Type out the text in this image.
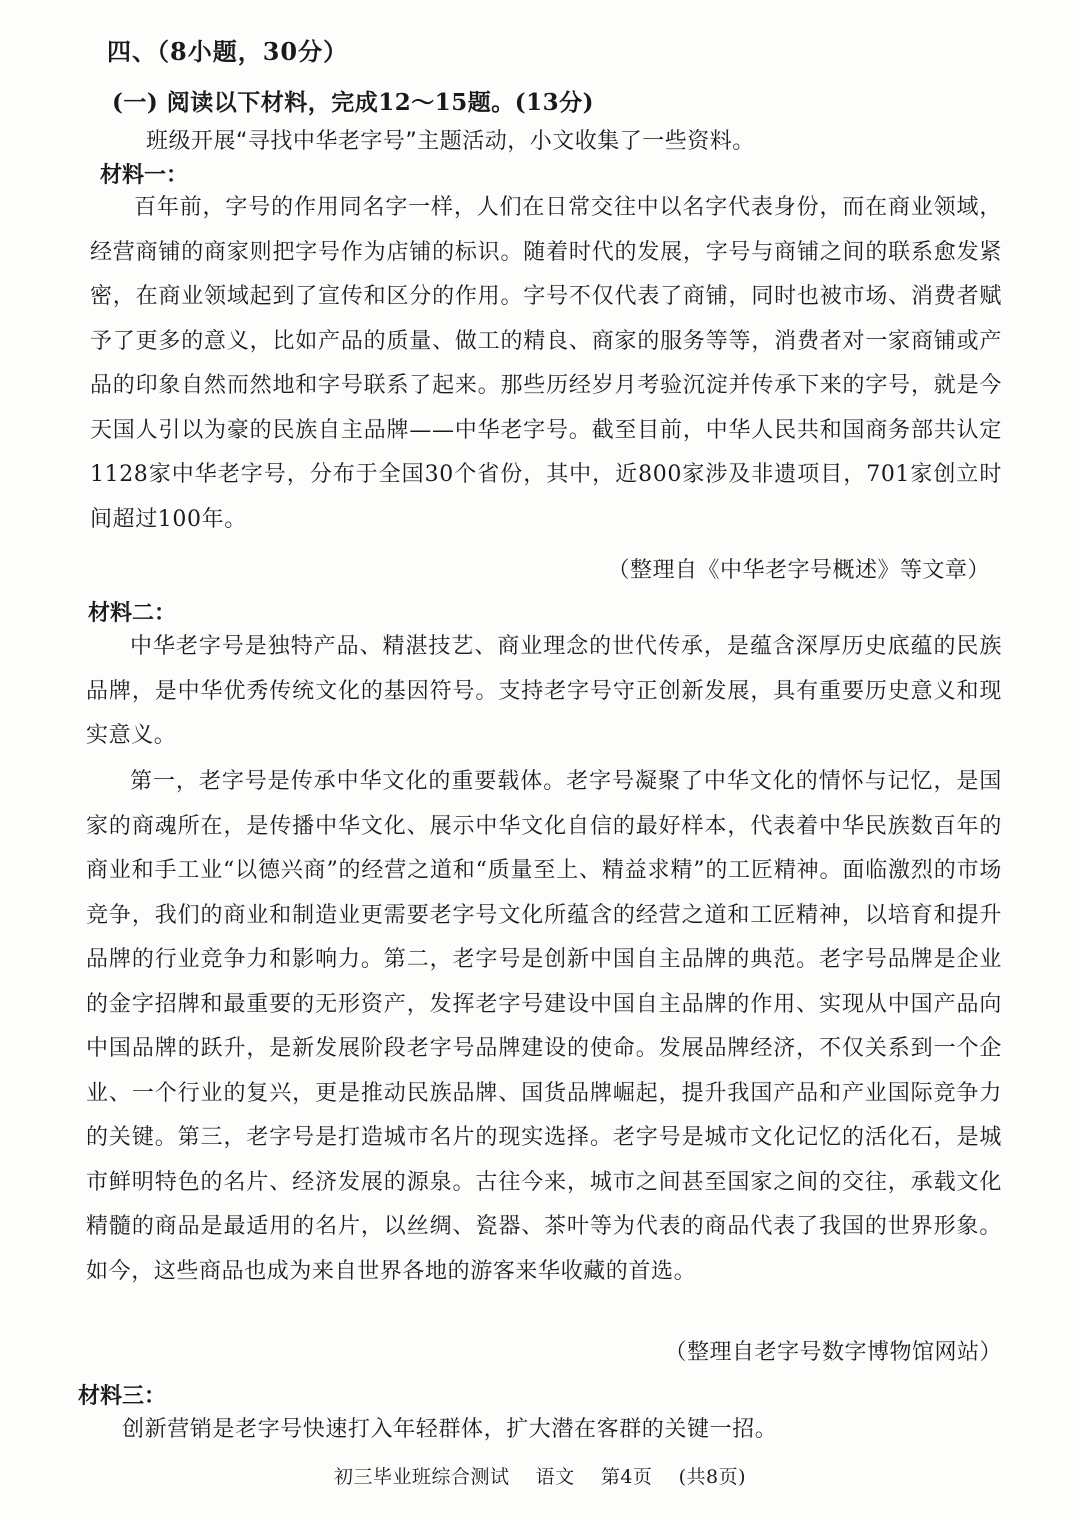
四、（8小题，30分）
(一) 阅读以下材料，完成12～15题。(13分)
班级开展“寻找中华老字号”主题活动，小文收集了一些资料。
材料一：
百年前，字号的作用同名字一样，人们在日常交往中以名字代表身份，而在商业领域，经营商铺的商家则把字号作为店铺的标识。随着时代的发展，字号与商铺之间的联系愈发紧密，在商业领域起到了宣传和区分的作用。字号不仅代表了商铺，同时也被市场、消费者赋予了更多的意义，比如产品的质量、做工的精良、商家的服务等等，消费者对一家商铺或产品的印象自然而然地和字号联系了起来。那些历经岁月考验沉淀并传承下来的字号，就是今天国人引以为豪的民族自主品牌——中华老字号。截至目前，中华人民共和国商务部共认定1128家中华老字号，分布于全国30个省份，其中，近800家涉及非遗项目，701家创立时间超过100年。
（整理自《中华老字号概述》等文章）
材料二：
中华老字号是独特产品、精湛技艺、商业理念的世代传承，是蕴含深厚历史底蕴的民族品牌，是中华优秀传统文化的基因符号。支持老字号守正创新发展，具有重要历史意义和现实意义。
第一，老字号是传承中华文化的重要载体。老字号凝聚了中华文化的情怀与记忆，是国家的商魂所在，是传播中华文化、展示中华文化自信的最好样本，代表着中华民族数百年的商业和手工业“以德兴商”的经营之道和“质量至上、精益求精”的工匠精神。面临激烈的市场竞争，我们的商业和制造业更需要老字号文化所蕴含的经营之道和工匠精神，以培育和提升品牌的行业竞争力和影响力。第二，老字号是创新中国自主品牌的典范。老字号品牌是企业的金字招牌和最重要的无形资产，发挥老字号建设中国自主品牌的作用、实现从中国产品向中国品牌的跃升，是新发展阶段老字号品牌建设的使命。发展品牌经济，不仅关系到一个企业、一个行业的复兴，更是推动民族品牌、国货品牌崛起，提升我国产品和产业国际竞争力的关键。第三，老字号是打造城市名片的现实选择。老字号是城市文化记忆的活化石，是城市鲜明特色的名片、经济发展的源泉。古往今来，城市之间甚至国家之间的交往，承载文化精髓的商品是最适用的名片，以丝绸、瓷器、茶叶等为代表的商品代表了我国的世界形象。如今，这些商品也成为来自世界各地的游客来华收藏的首选。
（整理自老字号数字博物馆网站）
材料三：
创新营销是老字号快速打入年轻群体，扩大潜在客群的关键一招。
初三毕业班综合测试    语文    第4页    (共8页)
